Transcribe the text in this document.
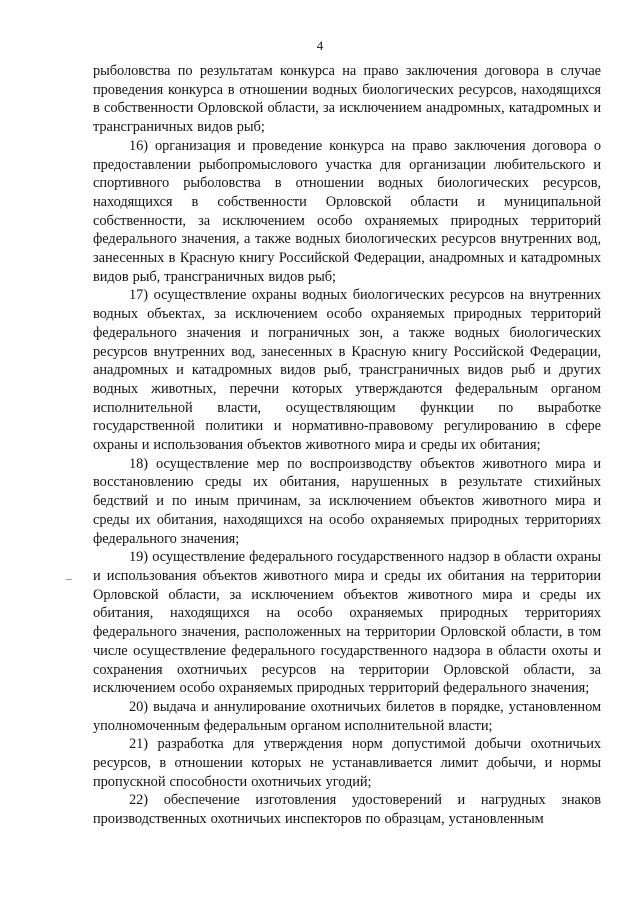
4

рыболовства по результатам конкурса на право заключения договора в случае проведения конкурса в отношении водных биологических ресурсов, находящихся в собственности Орловской области, за исключением анадромных, катадромных и трансграничных видов рыб;

16) организация и проведение конкурса на право заключения договора о предоставлении рыбопромыслового участка для организации любительского и спортивного рыболовства в отношении водных биологических ресурсов, находящихся в собственности Орловской области и муниципальной собственности, за исключением особо охраняемых природных территорий федерального значения, а также водных биологических ресурсов внутренних вод, занесенных в Красную книгу Российской Федерации, анадромных и катадромных видов рыб, трансграничных видов рыб;

17) осуществление охраны водных биологических ресурсов на внутренних водных объектах, за исключением особо охраняемых природных территорий федерального значения и пограничных зон, а также водных биологических ресурсов внутренних вод, занесенных в Красную книгу Российской Федерации, анадромных и катадромных видов рыб, трансграничных видов рыб и других водных животных, перечни которых утверждаются федеральным органом исполнительной власти, осуществляющим функции по выработке государственной политики и нормативно-правовому регулированию в сфере охраны и использования объектов животного мира и среды их обитания;

18) осуществление мер по воспроизводству объектов животного мира и восстановлению среды их обитания, нарушенных в результате стихийных бедствий и по иным причинам, за исключением объектов животного мира и среды их обитания, находящихся на особо охраняемых природных территориях федерального значения;

19) осуществление федерального государственного надзор в области охраны и использования объектов животного мира и среды их обитания на территории Орловской области, за исключением объектов животного мира и среды их обитания, находящихся на особо охраняемых природных территориях федерального значения, расположенных на территории Орловской области, в том числе осуществление федерального государственного надзора в области охоты и сохранения охотничьих ресурсов на территории Орловской области, за исключением особо охраняемых природных территорий федерального значения;

20) выдача и аннулирование охотничьих билетов в порядке, установленном уполномоченным федеральным органом исполнительной власти;

21) разработка для утверждения норм допустимой добычи охотничьих ресурсов, в отношении которых не устанавливается лимит добычи, и нормы пропускной способности охотничьих угодий;

22) обеспечение изготовления удостоверений и нагрудных знаков производственных охотничьих инспекторов по образцам, установленным
